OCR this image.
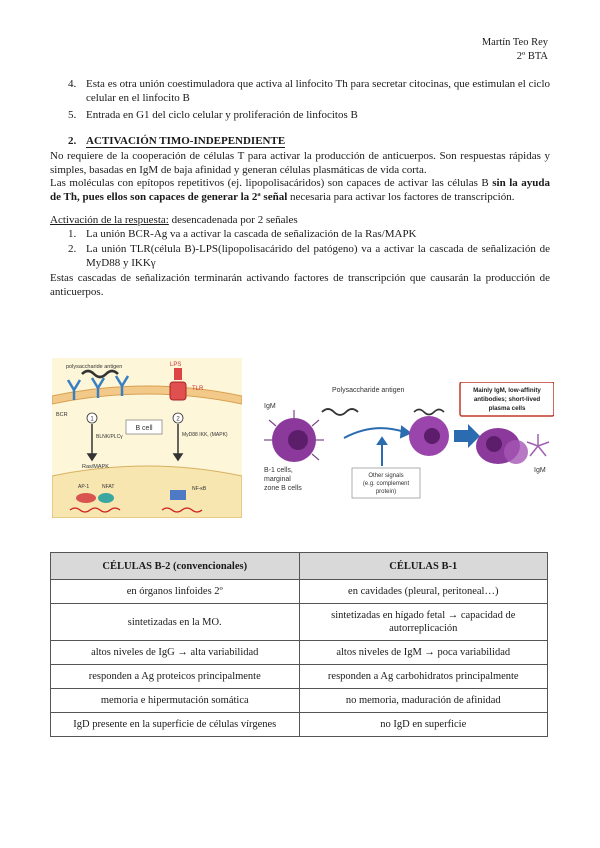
Martín Teo Rey
2º BTA
4. Esta es otra unión coestimuladora que activa al linfocito Th para secretar citocinas, que estimulan el ciclo celular en el linfocito B
5. Entrada en G1 del ciclo celular y proliferación de linfocitos B
2. ACTIVACIÓN TIMO-INDEPENDIENTE
No requiere de la cooperación de células T para activar la producción de anticuerpos. Son respuestas rápidas y simples, basadas en IgM de baja afinidad y generan células plasmáticas de vida corta.
Las moléculas con epítopos repetitivos (ej. lipopolisacáridos) son capaces de activar las células B sin la ayuda de Th, pues ellos son capaces de generar la 2ª señal necesaria para activar los factores de transcripción.
Activación de la respuesta: desencadenada por 2 señales
1. La unión BCR-Ag va a activar la cascada de señalización de la Ras/MAPK
2. La unión TLR(célula B)-LPS(lipopolisacárido del patógeno) va a activar la cascada de señalización de MyD88 y IKKγ
Estas cascadas de señalización terminarán activando factores de transcripción que causarán la producción de anticuerpos.
polysaccharide antigen
BCR
LPS
TLR
B cell
1	2
BLNK/PLCγ	MyD88 IKK, (MAPK)
Ras/MAPK
AP-1	NFAT	NF-κB
IgM
B-1 cells,
marginal
zone B cells
Polysaccharide antigen
Other signals
(e.g. complement
protein)
IgM
Mainly IgM, low-affinity
antibodies; short-lived
plasma cells
CÉLULAS B-2 (convencionales)	CÉLULAS B-1
en órganos linfoides 2º	en cavidades (pleural, peritoneal…)
sintetizadas en la MO.	sintetizadas en hígado fetal → capacidad de autorreplicación
altos niveles de IgG → alta variabilidad	altos niveles de IgM → poca variabilidad
responden a Ag proteicos principalmente	responden a Ag carbohidratos principalmente
memoria e hipermutación somática	no memoria, maduración de afinidad
IgD presente en la superficie de células vírgenes	no IgD en superficie
